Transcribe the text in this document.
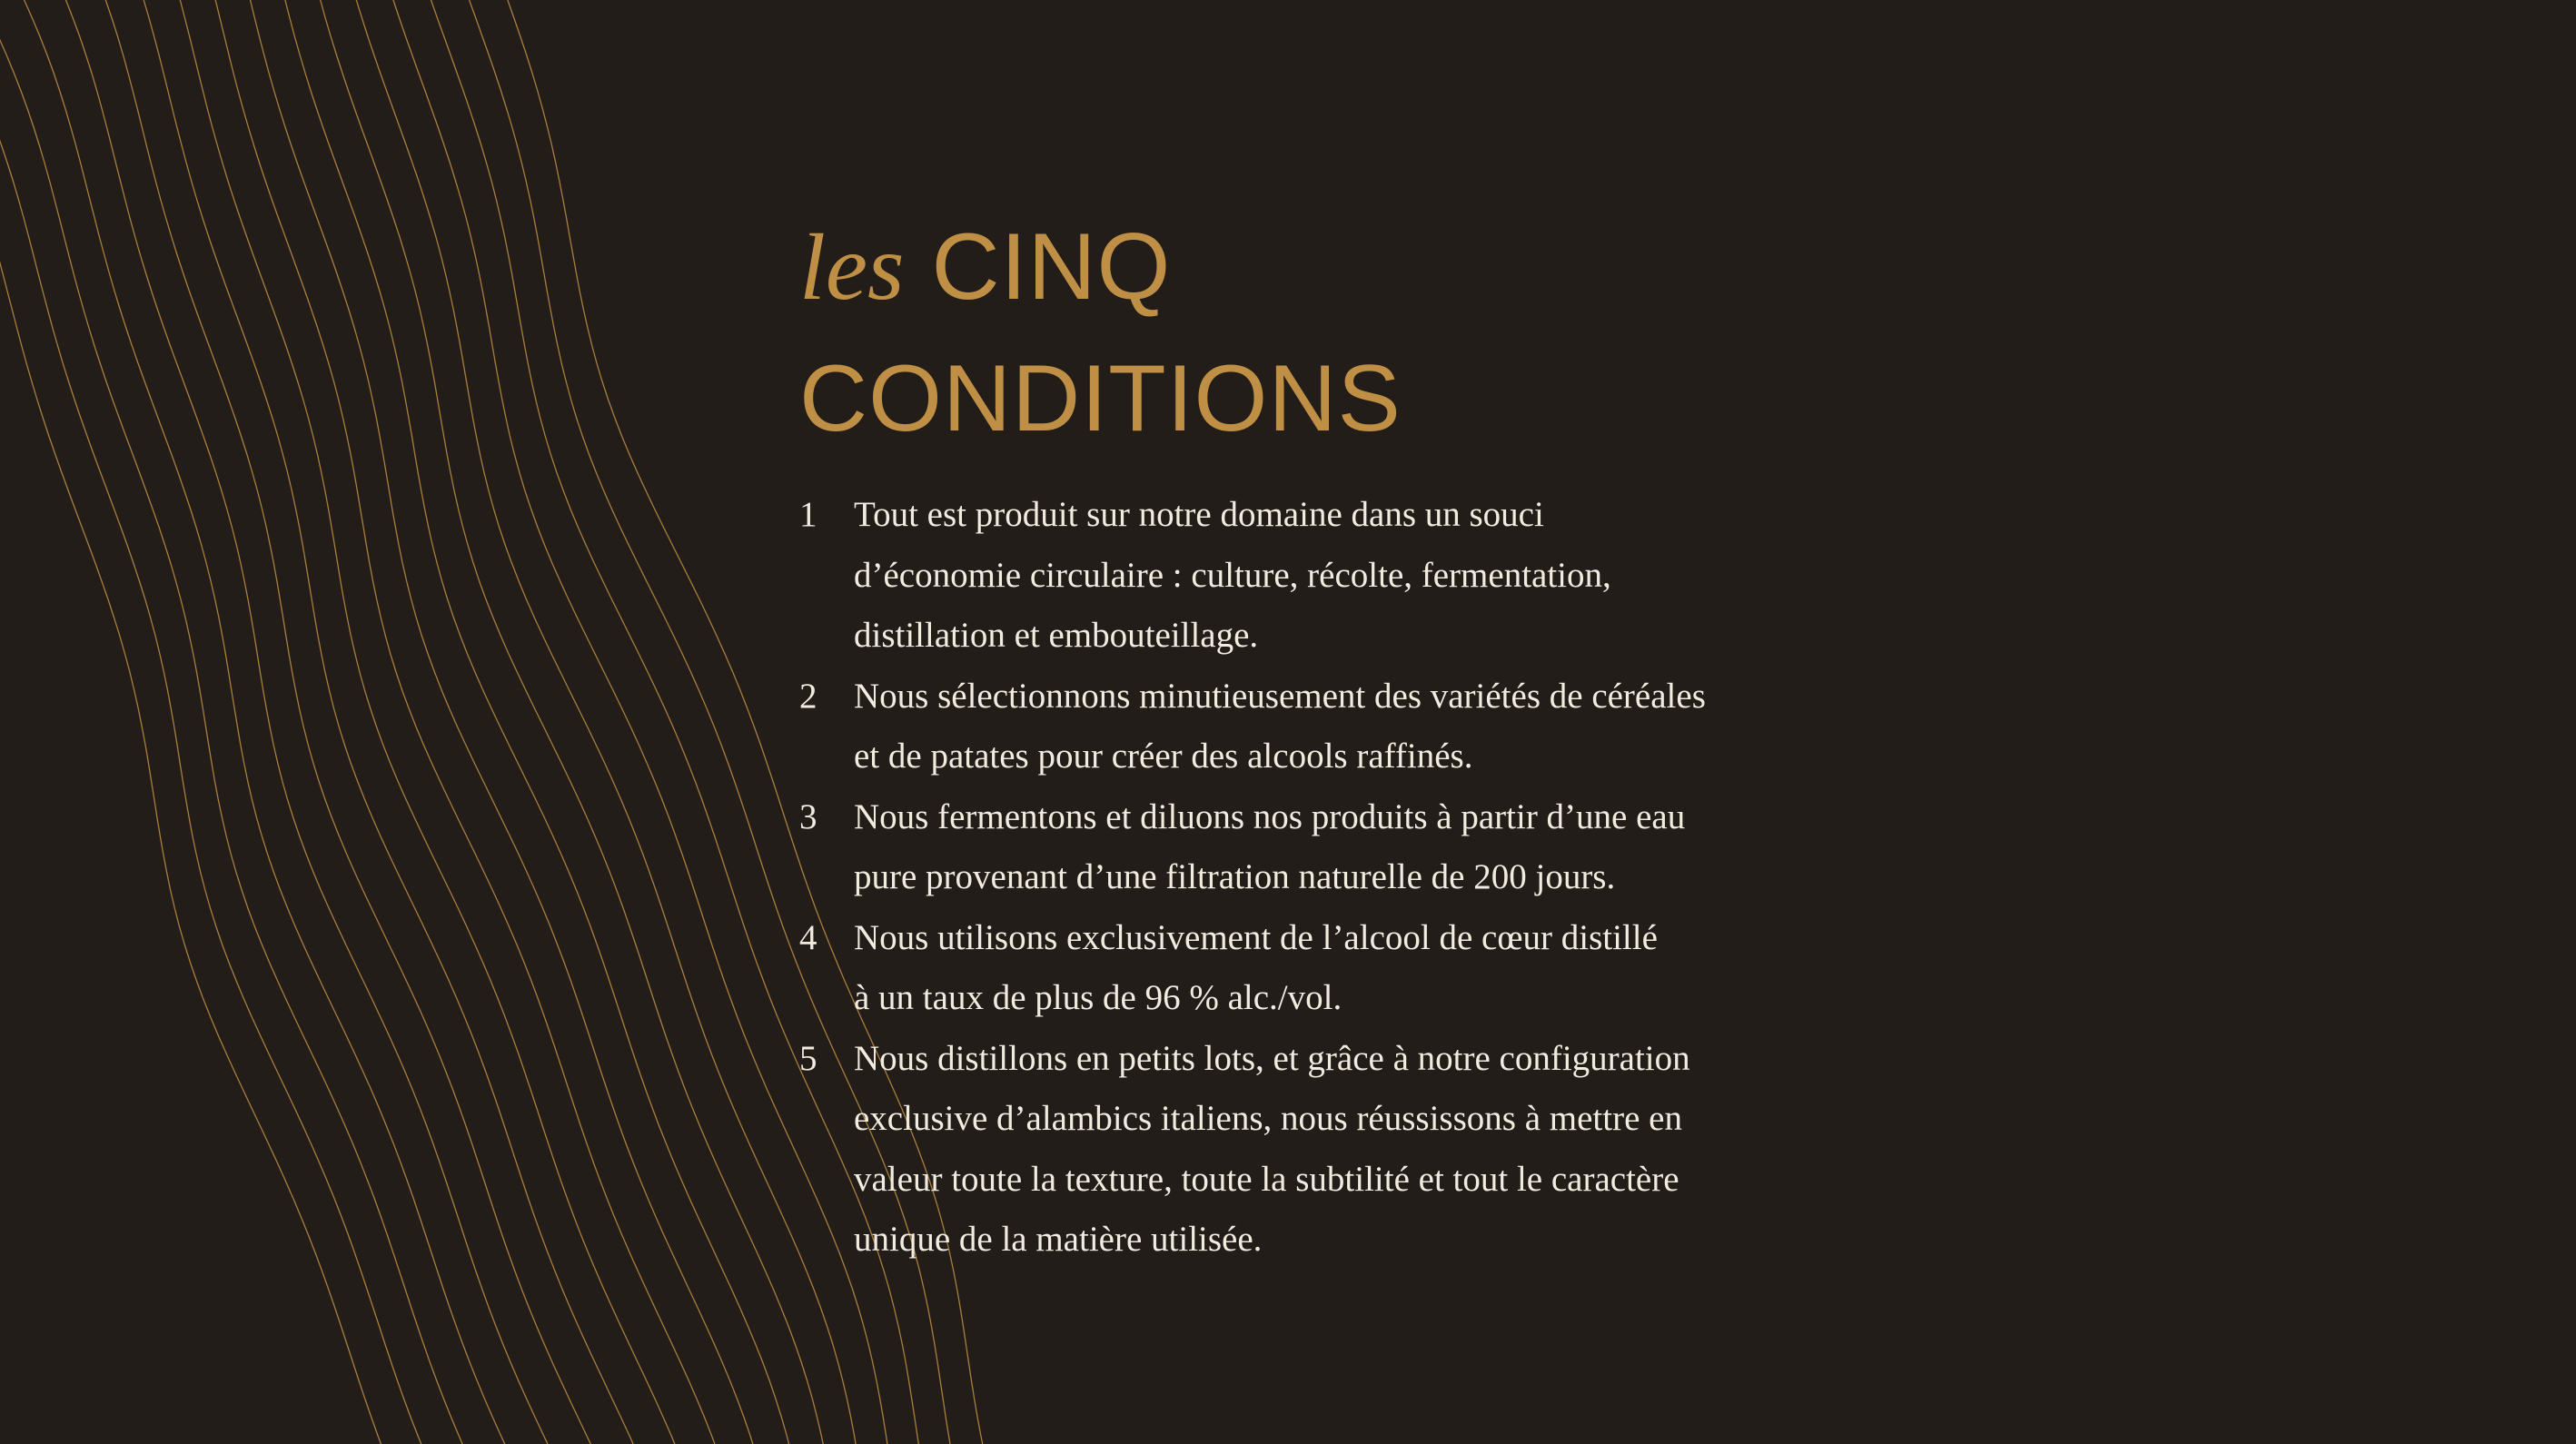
les CINQ
CONDITIONS
1	Tout est produit sur notre domaine dans un souci
d’économie circulaire : culture, récolte, fermentation,
distillation et embouteillage.
2	Nous sélectionnons minutieusement des variétés de céréales
et de patates pour créer des alcools raffinés.
3	Nous fermentons et diluons nos produits à partir d’une eau
pure provenant d’une filtration naturelle de 200 jours.
4	Nous utilisons exclusivement de l’alcool de cœur distillé
à un taux de plus de 96 % alc./vol.
5	Nous distillons en petits lots, et grâce à notre configuration
exclusive d’alambics italiens, nous réussissons à mettre en
valeur toute la texture, toute la subtilité et tout le caractère
unique de la matière utilisée.
